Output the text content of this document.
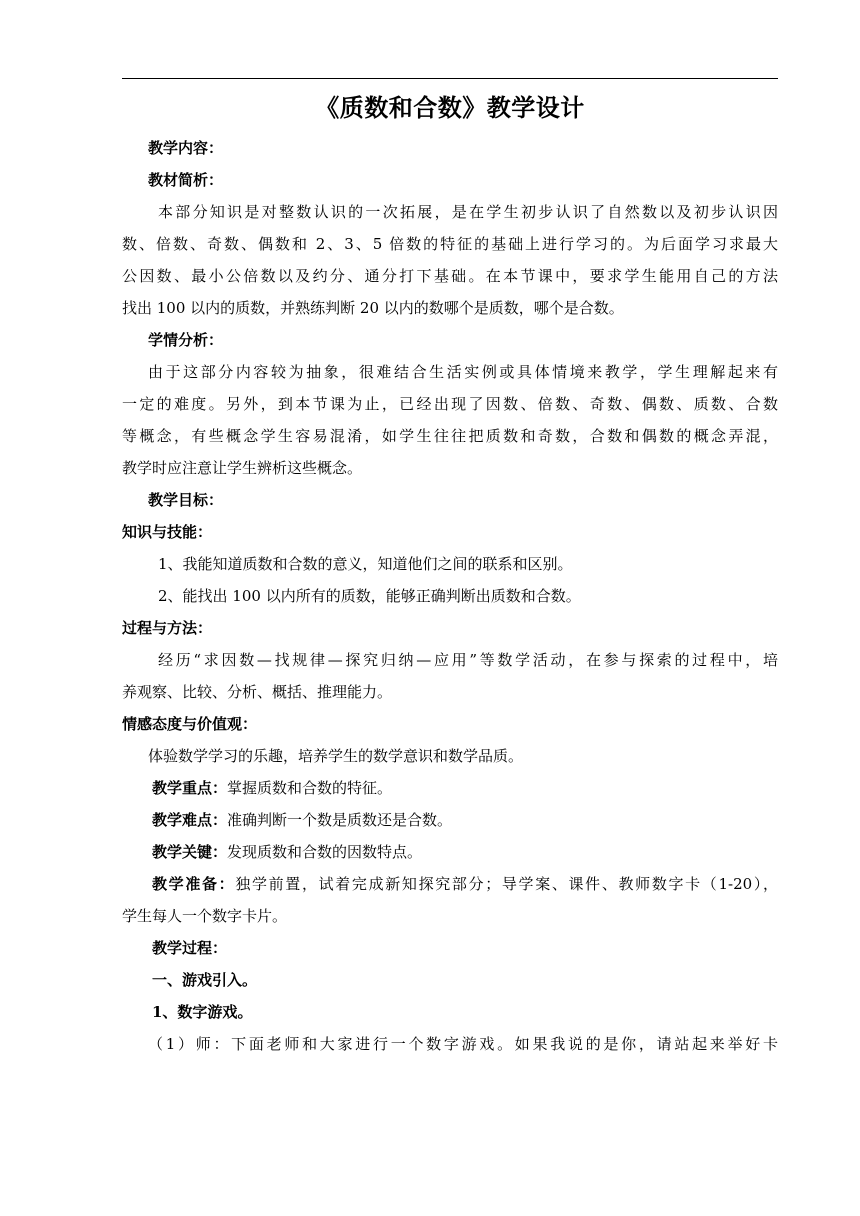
《质数和合数》教学设计
教学内容：
教材简析：
本部分知识是对整数认识的一次拓展，是在学生初步认识了自然数以及初步认识因
数、倍数、奇数、偶数和 2、3、5 倍数的特征的基础上进行学习的。为后面学习求最大
公因数、最小公倍数以及约分、通分打下基础。在本节课中，要求学生能用自己的方法
找出 100 以内的质数，并熟练判断 20 以内的数哪个是质数，哪个是合数。
学情分析：
由于这部分内容较为抽象，很难结合生活实例或具体情境来教学，学生理解起来有
一定的难度。另外，到本节课为止，已经出现了因数、倍数、奇数、偶数、质数、合数
等概念，有些概念学生容易混淆，如学生往往把质数和奇数，合数和偶数的概念弄混，
教学时应注意让学生辨析这些概念。
教学目标：
知识与技能：
1、我能知道质数和合数的意义，知道他们之间的联系和区别。
2、能找出 100 以内所有的质数，能够正确判断出质数和合数。
过程与方法：
经历“求因数—找规律—探究归纳—应用”等数学活动，在参与探索的过程中，培
养观察、比较、分析、概括、推理能力。
情感态度与价值观：
体验数学学习的乐趣，培养学生的数学意识和数学品质。
教学重点：掌握质数和合数的特征。
教学难点：准确判断一个数是质数还是合数。
教学关键：发现质数和合数的因数特点。
教学准备：独学前置，试着完成新知探究部分；导学案、课件、教师数字卡（1-20），
学生每人一个数字卡片。
教学过程：
一、游戏引入。
1、数字游戏。
（1）师：下面老师和大家进行一个数字游戏。如果我说的是你，请站起来举好卡
